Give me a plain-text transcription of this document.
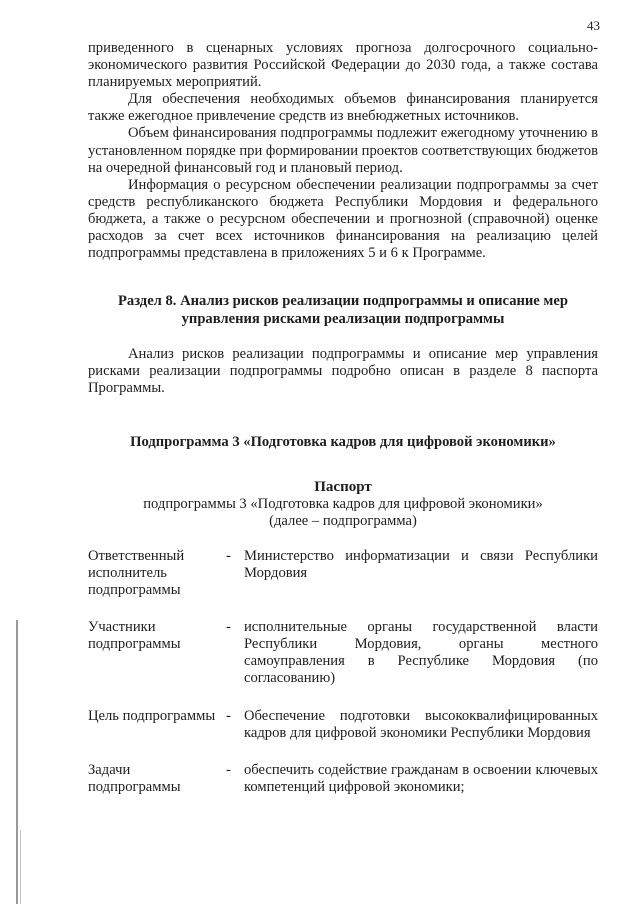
43

приведенного в сценарных условиях прогноза долгосрочного социально-экономического развития Российской Федерации до 2030 года, а также состава планируемых мероприятий.

Для обеспечения необходимых объемов финансирования планируется также ежегодное привлечение средств из внебюджетных источников.

Объем финансирования подпрограммы подлежит ежегодному уточнению в установленном порядке при формировании проектов соответствующих бюджетов на очередной финансовый год и плановый период.

Информация о ресурсном обеспечении реализации подпрограммы за счет средств республиканского бюджета Республики Мордовия и федерального бюджета, а также о ресурсном обеспечении и прогнозной (справочной) оценке расходов за счет всех источников финансирования на реализацию целей подпрограммы представлена в приложениях 5 и 6 к Программе.

Раздел 8. Анализ рисков реализации подпрограммы и описание мер управления рисками реализации подпрограммы

Анализ рисков реализации подпрограммы и описание мер управления рисками реализации подпрограммы подробно описан в разделе 8 паспорта Программы.

Подпрограмма 3 «Подготовка кадров для цифровой экономики»
Паспорт
подпрограммы 3 «Подготовка кадров для цифровой экономики»
(далее – подпрограмма)
Ответственный исполнитель подпрограммы
- Министерство информатизации и связи Республики Мордовия
Участники подпрограммы
- исполнительные органы государственной власти Республики Мордовия, органы местного самоуправления в Республике Мордовия (по согласованию)
Цель подпрограммы - Обеспечение подготовки высококвалифицированных кадров для цифровой экономики Республики Мордовия
Задачи подпрограммы
- обеспечить содействие гражданам в освоении ключевых компетенций цифровой экономики;
